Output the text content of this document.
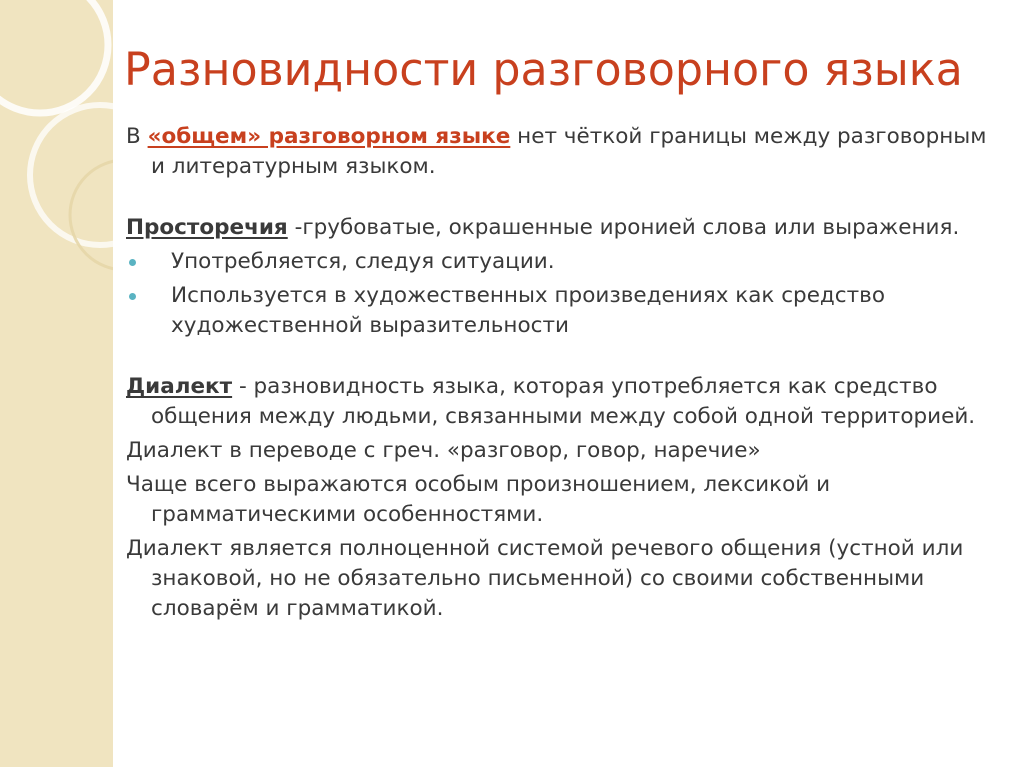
Разновидности разговорного языка
В «общем» разговорном языке нет чёткой границы между разговорным и литературным языком.
Просторечия -грубоватые, окрашенные иронией слова или выражения.
Употребляется, следуя ситуации.
Используется в художественных произведениях как средство художественной выразительности
Диалект - разновидность языка, которая употребляется как средство общения между людьми, связанными между собой одной территорией.
Диалект в переводе с греч. «разговор, говор, наречие»
Чаще всего выражаются особым произношением, лексикой и грамматическими особенностями.
Диалект является полноценной системой речевого общения (устной или знаковой, но не обязательно письменной) со своими собственными словарём и грамматикой.
